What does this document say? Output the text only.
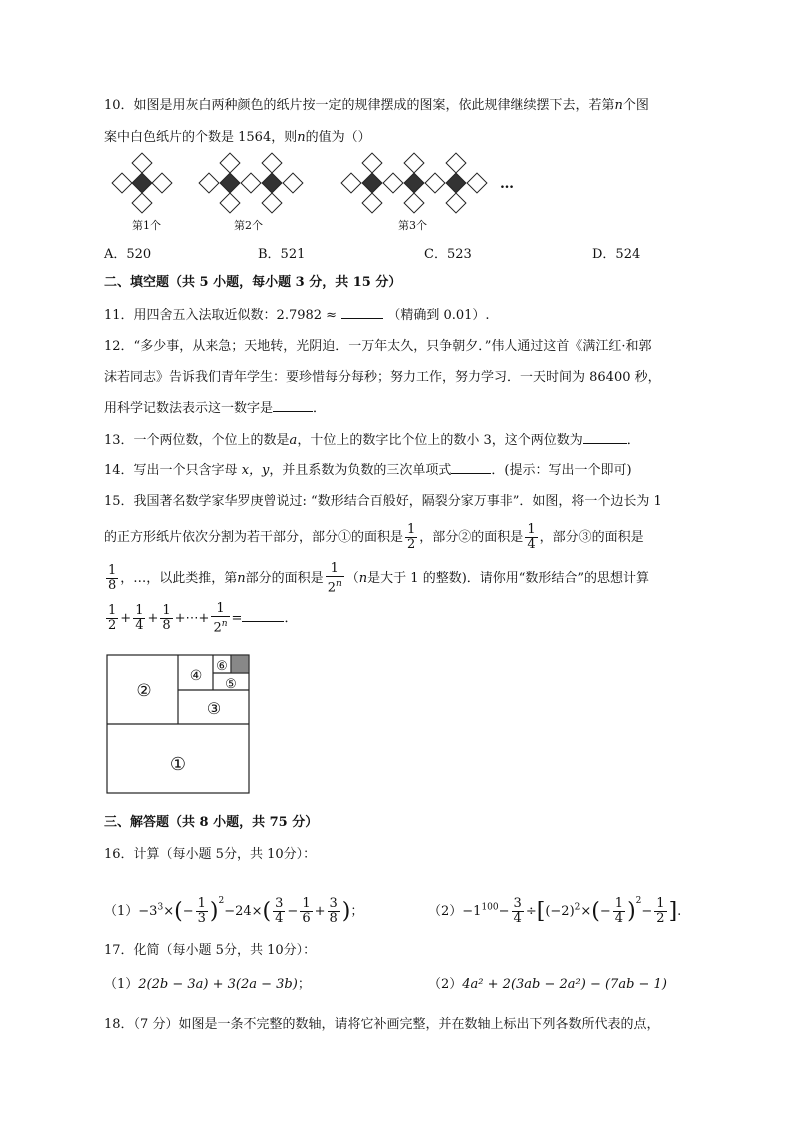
10．如图是用灰白两种颜色的纸片按一定的规律摆成的图案，依此规律继续摆下去，若第n个图
案中白色纸片的个数是 1564，则n的值为（）
…
第1个	第2个	第3个
A．520	B．521	C．523	D．524
二、填空题（共 5 小题，每小题 3 分，共 15 分）
11．用四舍五入法取近似数：2.7982 ≈	（精确到 0.01）.
12．“多少事，从来急；天地转，光阴迫．一万年太久，只争朝夕．”伟人通过这首《满江红·和郭
沫若同志》告诉我们青年学生：要珍惜每分每秒；努力工作，努力学习．一天时间为 86400 秒，
用科学记数法表示这一数字是	．
13．一个两位数，个位上的数是a，十位上的数字比个位上的数小 3，这个两位数为	．
14．写出一个只含字母 x，y，并且系数为负数的三次单项式	．(提示：写出一个即可)
15．我国著名数学家华罗庚曾说过: “数形结合百般好，隔裂分家万事非”．如图，将一个边长为 1
的正方形纸片依次分割为若干部分，部分①的面积是 $\frac{1}{2}$ ，部分②的面积是 $\frac{1}{4}$ ，部分③的面积是
$\frac{1}{8}$ ，…，以此类推，第n部分的面积是 $\frac{1}{2^n} (n$是大于 1 的整数)．请你用“数形结合”的思想计算
$\frac{1}{2} + \frac{1}{4} + \frac{1}{8}$ +⋯+ $\frac{1}{2^n}$ =	．
①
②
③
④
⑤
⑥
三、解答题（共 8 小题，共 75 分）
16．计算（每小题 5分，共 10分）：
$(1)-3^3\times(- \frac{1}{3} )^2-24\times( \frac{3}{4} - \frac{1}{6} + \frac{3}{8}$ )；	$(2)-1^{100}- \frac{3}{4} \div[(-2)^2\times(- \frac{1}{4} )^2- \frac{1}{2}$ ].
17．化简（每小题 5分，共 10分）：
（1）2(2b − 3a) + 3(2a − 3b)；	（2）4a² + 2(3ab − 2a²) − (7ab − 1)
18．（7 分）如图是一条不完整的数轴，请将它补画完整，并在数轴上标出下列各数所代表的点，
